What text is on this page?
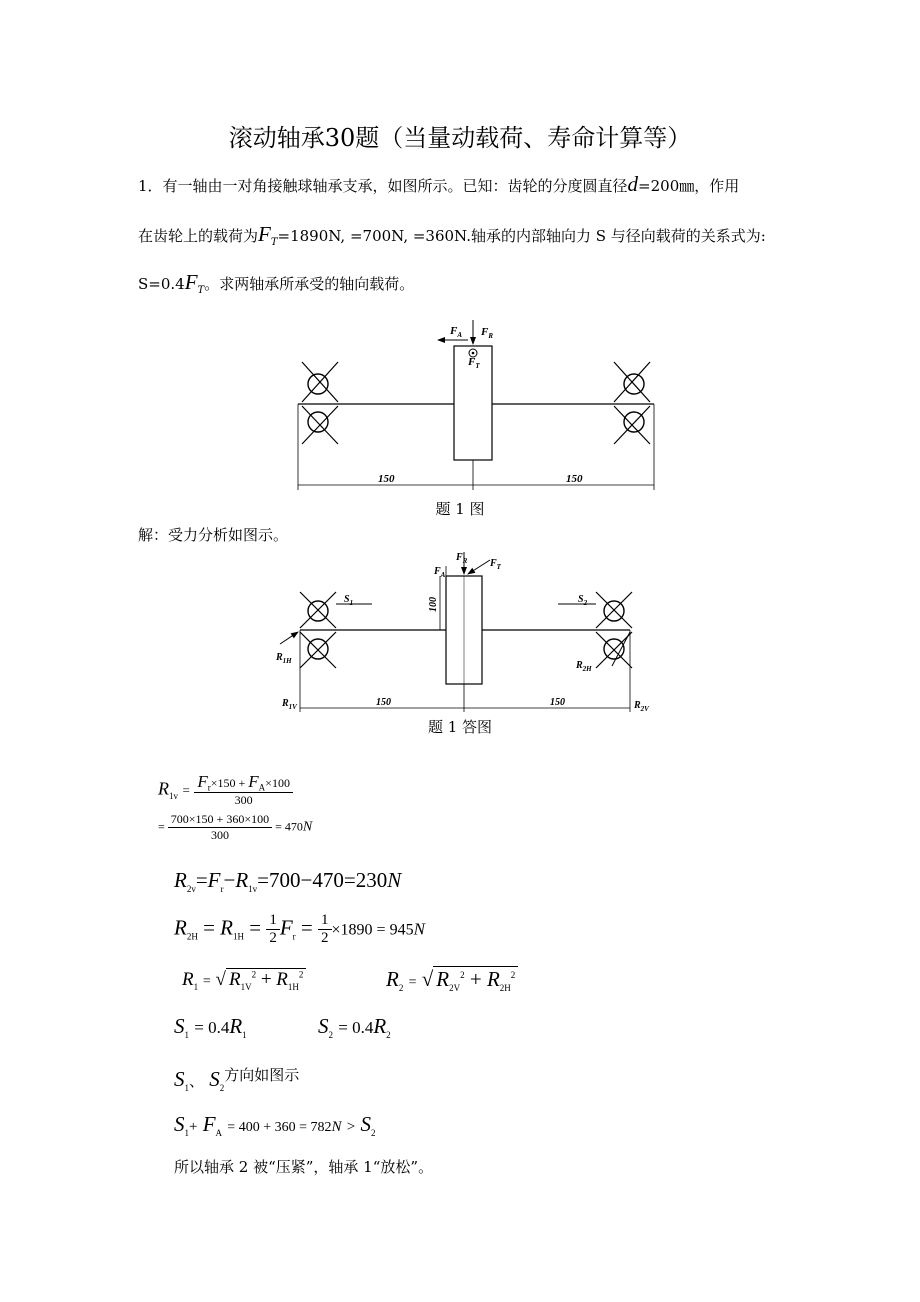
滚动轴承30题（当量动载荷、寿命计算等）
1．有一轴由一对角接触球轴承支承，如图所示。已知：齿轮的分度圆直径d=200㎜，作用
在齿轮上的载荷为$F_T=1890N$, =700N, =360N.轴承的内部轴向力 S 与径向载荷的关系式为:
$S=0.4F_T$。求两轴承所承受的轴向载荷。
$F_A$ $F_R$
$F_T$
150	150
题 1 图
解：受力分析如图示。
$F_R$ $F_T$
$F_A$
$S_1$	$S_2$
$R_{1H}$	$R_{2H}$
$R_{1V}$	$R_{2V}$
100
150	150
题 1 答图
$R_{1v} = \frac{F_r\times 150 + F_A\times 100}{300}$
= $\frac{700\times 150 + 360\times 100}{300} = 470N$
$R_{2v}=F_r-R_{1v}=700-470=230N$
$R_{2H} = R_{1H} = \frac{1}{2} F_r = \frac{1}{2} \times 1890 = 945N$
$R_1$ = √ $R_{1V}^2 + R_{1H}^2$	$R_2$ = √ $R_{2V}^2 + R_{2H}^2$
$S_1 = 0.4R_1$	$S_2 = 0.4R_2$
$S_1$、 $S_2^{方向如图示}$
$S_1+ F_A = 400 + 360 = 782N > S_2$
所以轴承 2 被“压紧”，轴承 1“放松”。
